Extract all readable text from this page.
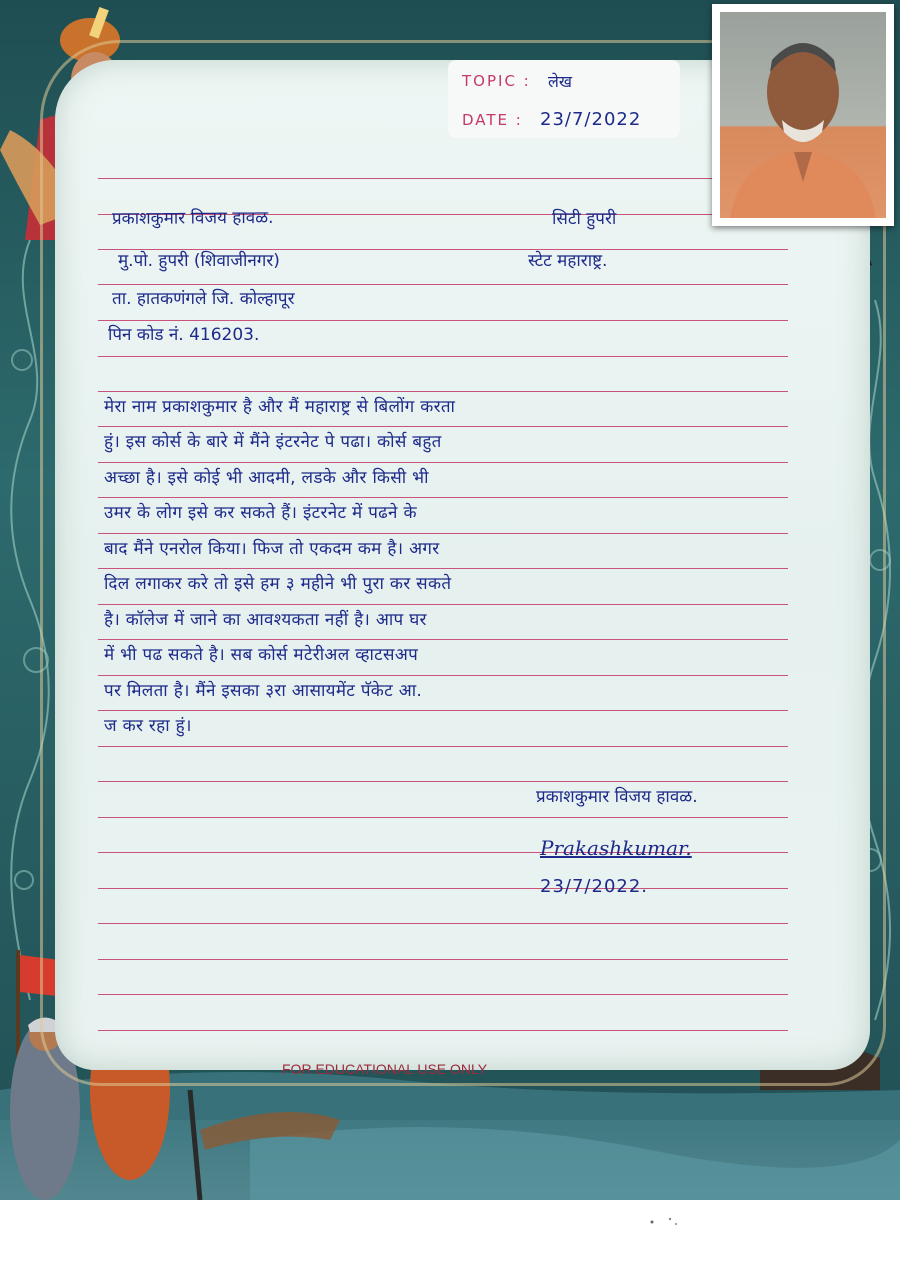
TOPIC : लेख
DATE : 23/7/2022
प्रकाशकुमार विजय हावळ.
मु.पो. हुपरी (शिवाजीनगर)
ता. हातकणंगले जि. कोल्हापूर
पिन कोड नं. 416203.
सिटी हुपरी
स्टेट महाराष्ट्र.
मेरा नाम प्रकाशकुमार है और मैं महाराष्ट्र से बिलोंग करता
हुं। इस कोर्स के बारे में मैंने इंटरनेट पे पढा। कोर्स बहुत
अच्छा है। इसे कोई भी आदमी, लडके और किसी भी
उमर के लोग इसे कर सकते हैं। इंटरनेट में पढने के
बाद मैंने एनरोल किया। फिज तो एकदम कम है। अगर
दिल लगाकर करे तो इसे हम ३ महीने भी पुरा कर सकते
है। कॉलेज में जाने का आवश्यकता नहीं है। आप घर
में भी पढ सकते है। सब कोर्स मटेरीअल व्हाटसअप
पर मिलता है। मैंने इसका ३रा आसायमेंट पॅकेट आ.
ज कर रहा हुं।
प्रकाशकुमार विजय हावळ.
Prakashkumar.
23/7/2022.
FOR EDUCATIONAL USE ONLY
